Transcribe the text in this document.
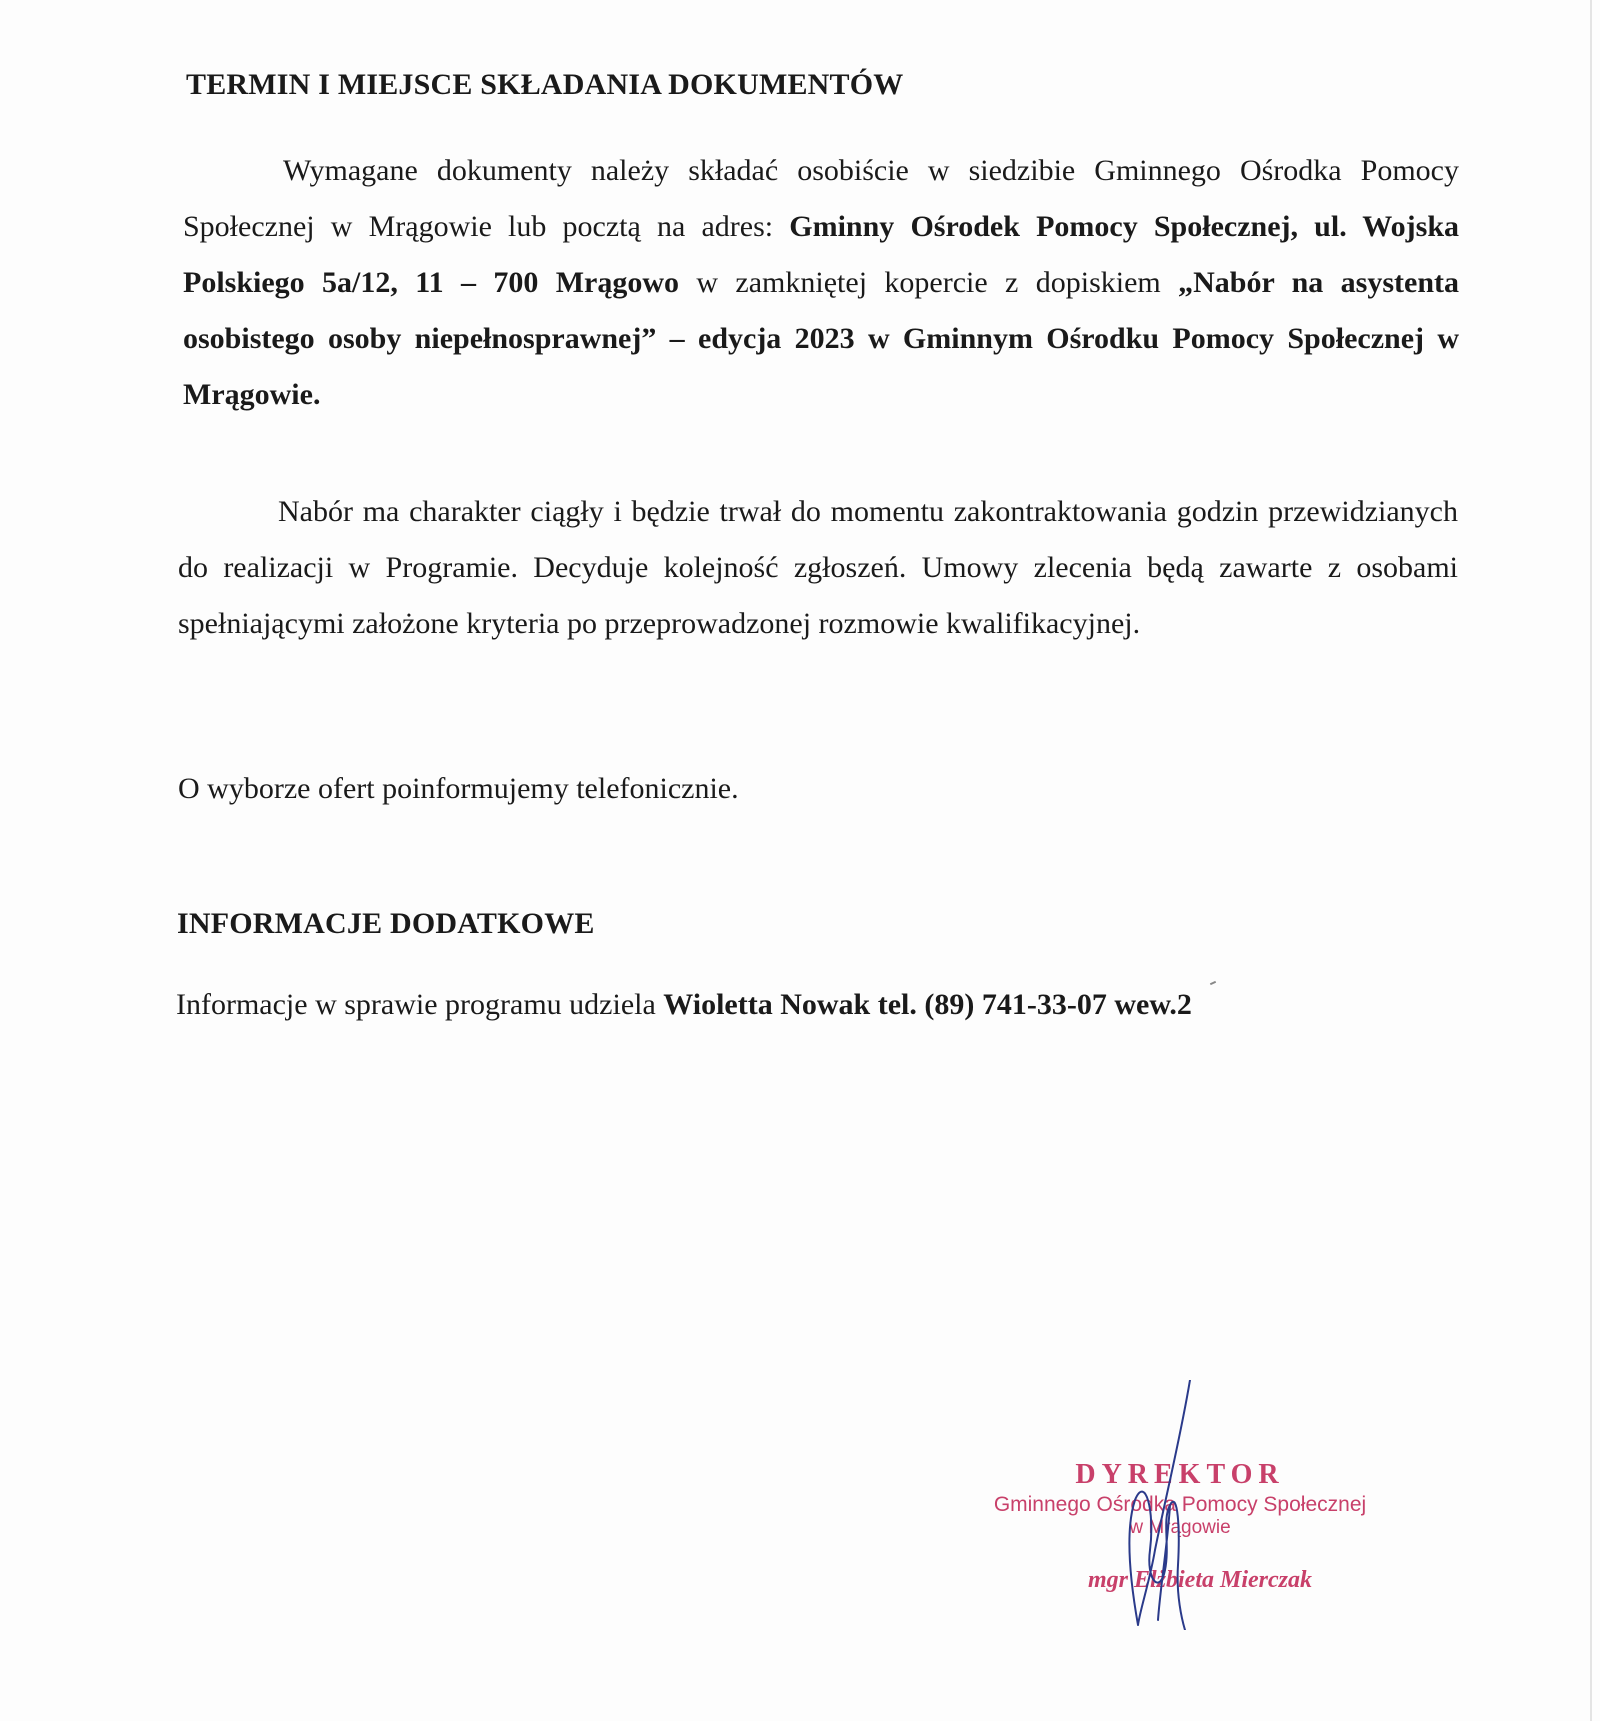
TERMIN I MIEJSCE SKŁADANIA DOKUMENTÓW
Wymagane dokumenty należy składać osobiście w siedzibie Gminnego Ośrodka Pomocy Społecznej w Mrągowie lub pocztą na adres: Gminny Ośrodek Pomocy Społecznej, ul. Wojska Polskiego 5a/12, 11 – 700 Mrągowo w zamkniętej kopercie z dopiskiem „Nabór na asystenta osobistego osoby niepełnosprawnej” – edycja 2023 w Gminnym Ośrodku Pomocy Społecznej w Mrągowie.
Nabór ma charakter ciągły i będzie trwał do momentu zakontraktowania godzin przewidzianych do realizacji w Programie. Decyduje kolejność zgłoszeń. Umowy zlecenia będą zawarte z osobami spełniającymi założone kryteria po przeprowadzonej rozmowie kwalifikacyjnej.
O wyborze ofert poinformujemy telefonicznie.
INFORMACJE DODATKOWE
Informacje w sprawie programu udziela Wioletta Nowak tel. (89) 741-33-07 wew.2
DYREKTOR
Gminnego Ośrodka Pomocy Społecznej
w Mrągowie
mgr Elżbieta Mierczak
